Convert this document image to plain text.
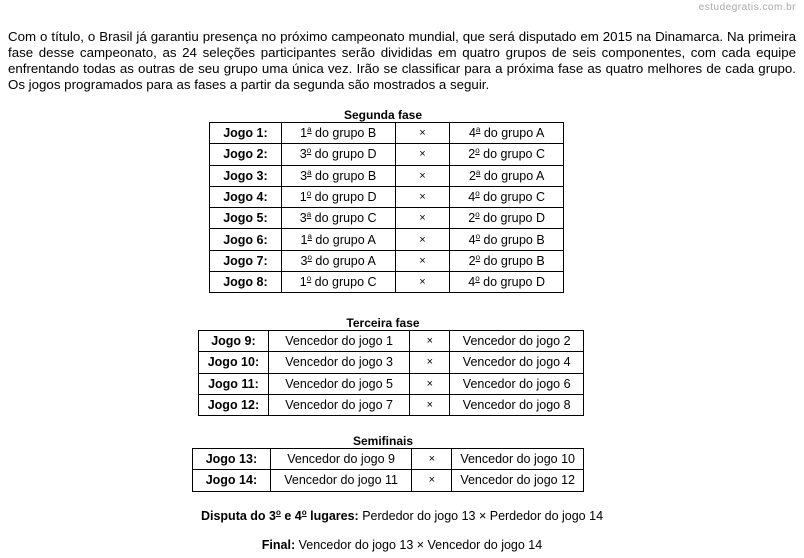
estudegratis.com.br

Com o título, o Brasil já garantiu presença no próximo campeonato mundial, que será disputado em 2015 na Dinamarca. Na primeira fase desse campeonato, as 24 seleções participantes serão divididas em quatro grupos de seis componentes, com cada equipe enfrentando todas as outras de seu grupo uma única vez. Irão se classificar para a próxima fase as quatro melhores de cada grupo. Os jogos programados para as fases a partir da segunda são mostrados a seguir.

Segunda fase
Jogo 1:	1$^a$ do grupo B	×	$4^a$ do grupo A
Jogo 2:	3$^o$ do grupo D	×	$2^o$ do grupo C
Jogo 3:	3$^a$ do grupo B	×	$2^a$ do grupo A
Jogo 4:	1$^o$ do grupo D	×	$4^o$ do grupo C
Jogo 5:	3$^a$ do grupo C	×	$2^o$ do grupo D
Jogo 6:	1$^a$ do grupo A	×	$4^o$ do grupo B
Jogo 7:	3$^o$ do grupo A	×	$2^o$ do grupo B
Jogo 8:	1$^o$ do grupo C	×	$4^o$ do grupo D
Terceira fase
Jogo 9:	Vencedor do jogo 1	×	Vencedor do jogo 2
Jogo 10:	Vencedor do jogo 3	×	Vencedor do jogo 4
Jogo 11:	Vencedor do jogo 5	×	Vencedor do jogo 6
Jogo 12:	Vencedor do jogo 7	×	Vencedor do jogo 8
Semifinais
Jogo 13:	Vencedor do jogo 9	×	Vencedor do jogo 10
Jogo 14:	Vencedor do jogo 11	×	Vencedor do jogo 12
Disputa do 3$^o$ e 4$^o$ lugares: Perdedor do jogo 13 × Perdedor do jogo 14
Final: Vencedor do jogo 13 × Vencedor do jogo 14
